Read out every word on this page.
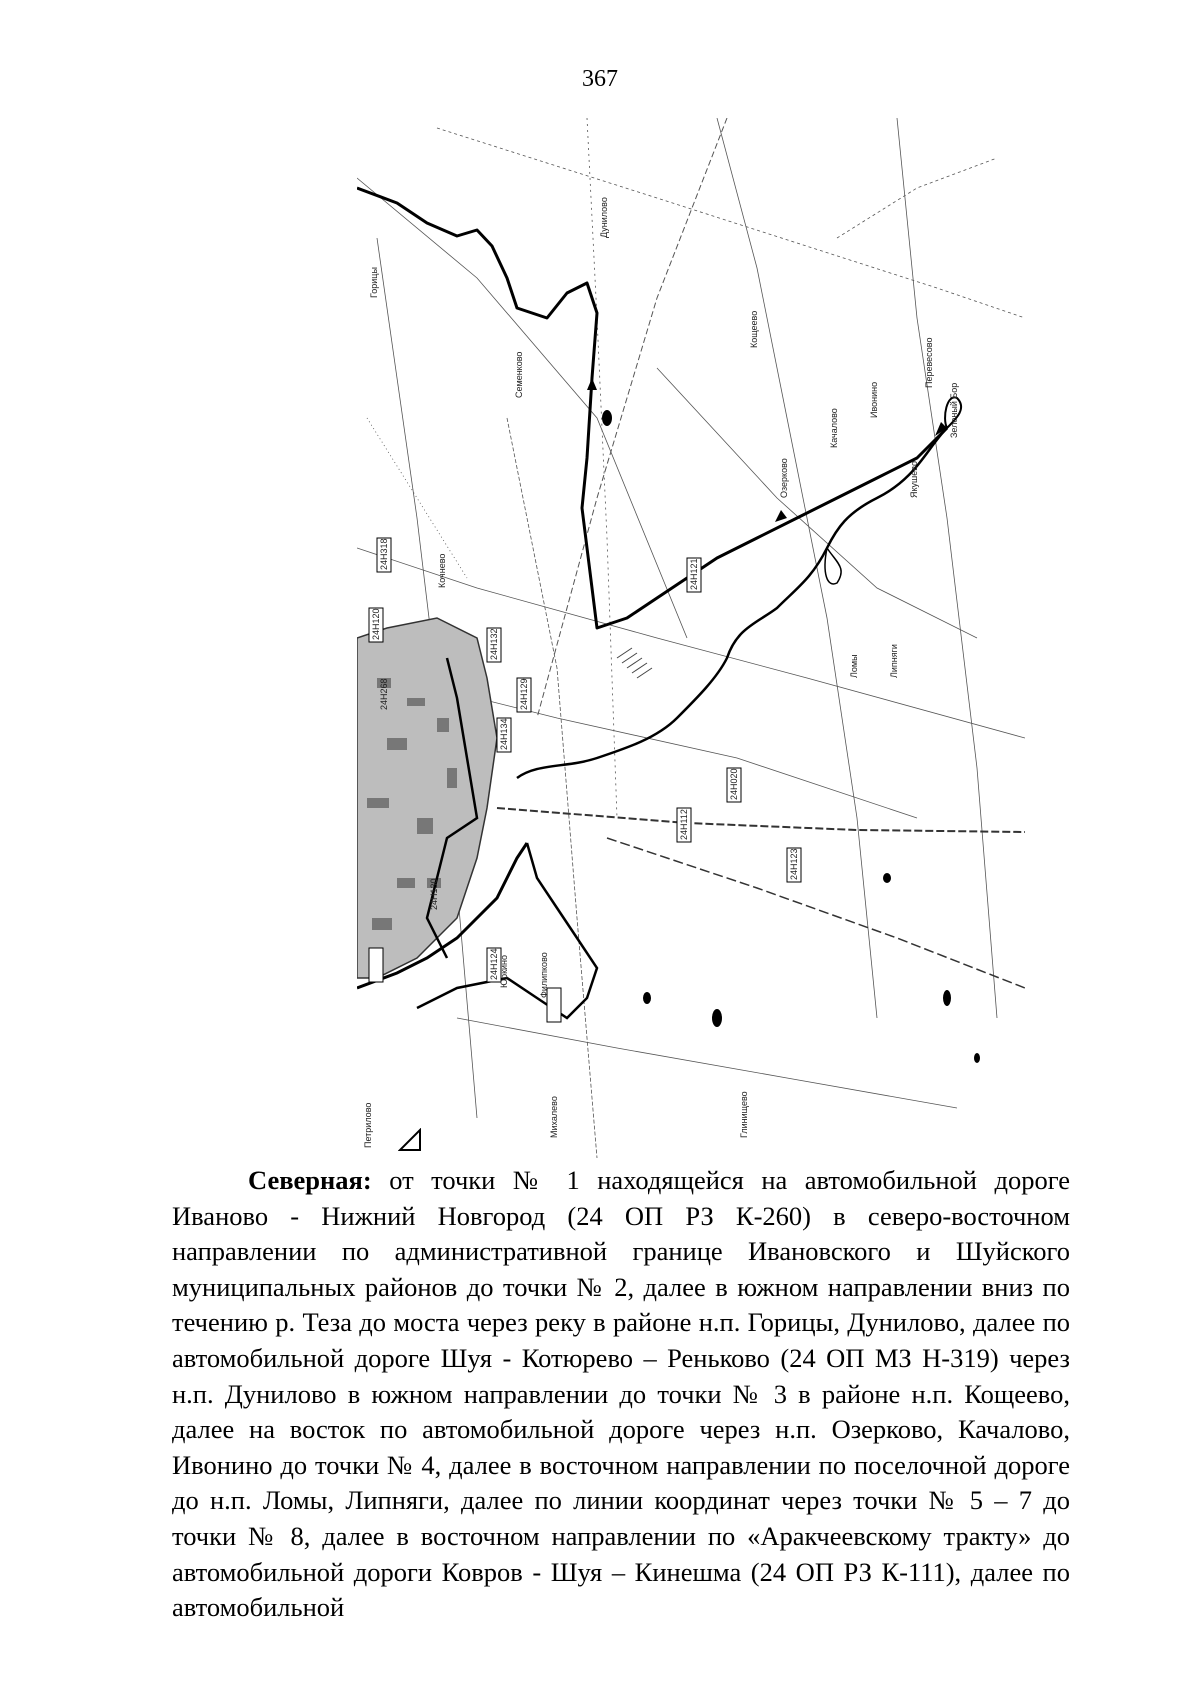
367
Горицы
Дунилово
Кощеево
Озерково
Качалово
Ивонино
Ломы	Липняги
Петрилово
Зеленый Бор
Якушево
Перевесово
Кочнево
Филипково
Юркино
Семенково
Михалево	Глинищево
24Н268
24Н130
24Н318
24Н120
24Н132
24Н129
24Н134
24Н121
24Н020
24Н112
24Н123
24Н124

Северная: от точки № 1 находящейся на автомобильной дороге Иваново - Нижний Новгород (24 ОП РЗ К-260) в северо-восточном направлении по административной границе Ивановского и Шуйского муниципальных районов до точки № 2, далее в южном направлении вниз по течению р. Теза до моста через реку в районе н.п. Горицы, Дунилово, далее по автомобильной дороге Шуя - Котюрево – Реньково (24 ОП МЗ Н-319) через н.п. Дунилово в южном направлении до точки № 3 в районе н.п. Кощеево, далее на восток по автомобильной дороге через н.п. Озерково, Качалово, Ивонино до точки № 4, далее в восточном направлении по поселочной дороге до н.п. Ломы, Липняги, далее по линии координат через точки № 5 – 7 до точки № 8, далее в восточном направлении по «Аракчеевскому тракту» до автомобильной дороги Ковров - Шуя – Кинешма (24 ОП РЗ К-111), далее по автомобильной
